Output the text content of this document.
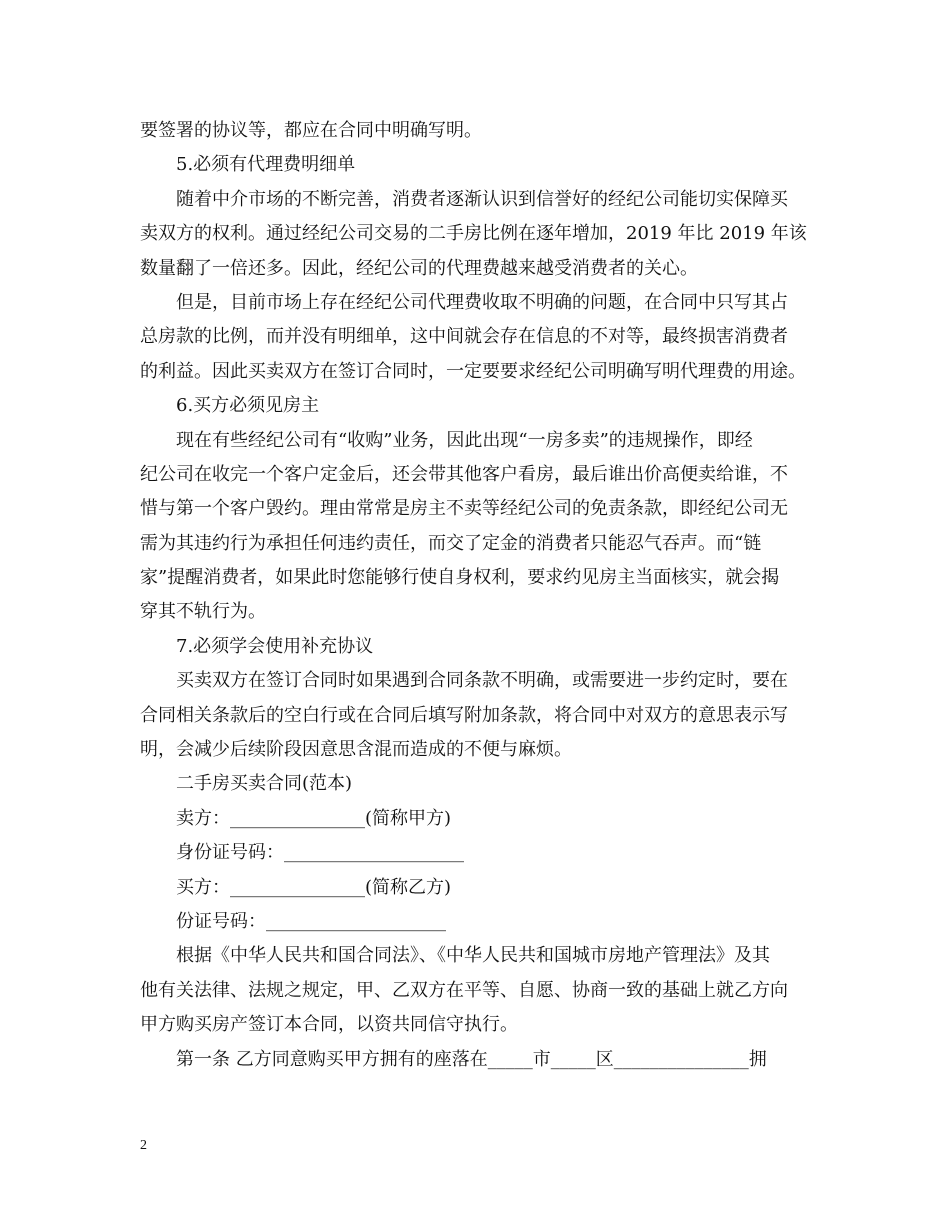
要签署的协议等，都应在合同中明确写明。
5.必须有代理费明细单
随着中介市场的不断完善，消费者逐渐认识到信誉好的经纪公司能切实保障买
卖双方的权利。通过经纪公司交易的二手房比例在逐年增加，2019 年比 2019 年该
数量翻了一倍还多。因此，经纪公司的代理费越来越受消费者的关心。
但是，目前市场上存在经纪公司代理费收取不明确的问题，在合同中只写其占
总房款的比例，而并没有明细单，这中间就会存在信息的不对等，最终损害消费者
的利益。因此买卖双方在签订合同时，一定要要求经纪公司明确写明代理费的用途。
6.买方必须见房主
现在有些经纪公司有“收购”业务，因此出现“一房多卖”的违规操作，即经
纪公司在收完一个客户定金后，还会带其他客户看房，最后谁出价高便卖给谁，不
惜与第一个客户毁约。理由常常是房主不卖等经纪公司的免责条款，即经纪公司无
需为其违约行为承担任何违约责任，而交了定金的消费者只能忍气吞声。而“链
家”提醒消费者，如果此时您能够行使自身权利，要求约见房主当面核实，就会揭
穿其不轨行为。
7.必须学会使用补充协议
买卖双方在签订合同时如果遇到合同条款不明确，或需要进一步约定时，要在
合同相关条款后的空白行或在合同后填写附加条款，将合同中对双方的意思表示写
明，会减少后续阶段因意思含混而造成的不便与麻烦。
二手房买卖合同(范本)
卖方：_______________(简称甲方)
身份证号码：____________________
买方：_______________(简称乙方)
份证号码：____________________
根据《中华人民共和国合同法》、《中华人民共和国城市房地产管理法》及其
他有关法律、法规之规定，甲、乙双方在平等、自愿、协商一致的基础上就乙方向
甲方购买房产签订本合同，以资共同信守执行。
第一条 乙方同意购买甲方拥有的座落在_____市_____区_______________拥
2
